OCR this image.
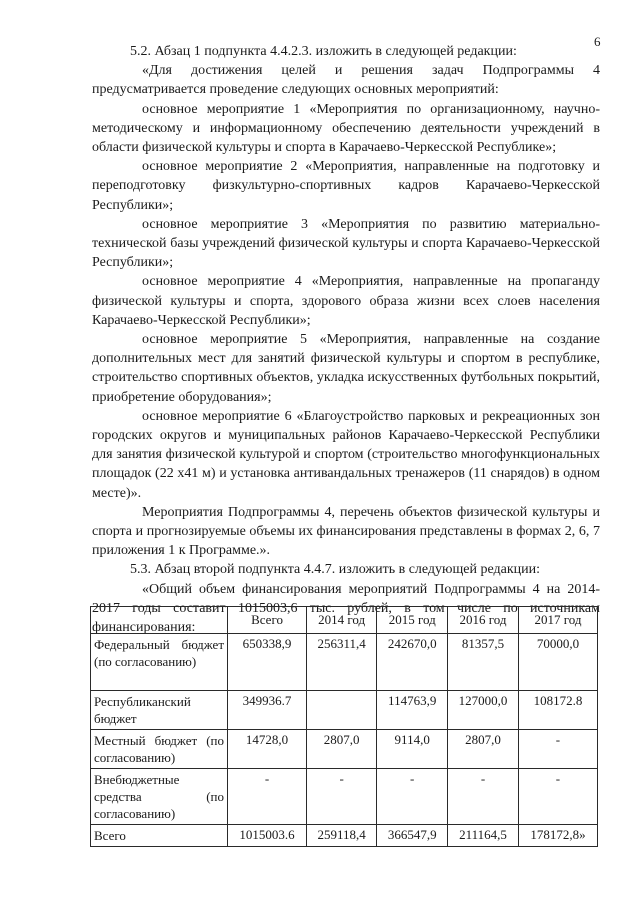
6

5.2. Абзац 1 подпункта 4.4.2.3. изложить в следующей редакции:

«Для достижения целей и решения задач Подпрограммы 4 предусматривается проведение следующих основных мероприятий:

основное мероприятие 1 «Мероприятия по организационному, научно-методическому и информационному обеспечению деятельности учреждений в области физической культуры и спорта в Карачаево-Черкесской Республике»;

основное мероприятие 2 «Мероприятия, направленные на подготовку и переподготовку физкультурно-спортивных кадров Карачаево-Черкесской Республики»;

основное мероприятие 3 «Мероприятия по развитию материально-технической базы учреждений физической культуры и спорта Карачаево-Черкесской Республики»;

основное мероприятие 4 «Мероприятия, направленные на пропаганду физической культуры и спорта, здорового образа жизни всех слоев населения Карачаево-Черкесской Республики»;

основное мероприятие 5 «Мероприятия, направленные на создание дополнительных мест для занятий физической культуры и спортом в республике, строительство спортивных объектов, укладка искусственных футбольных покрытий, приобретение оборудования»;

основное мероприятие 6 «Благоустройство парковых и рекреационных зон городских округов и муниципальных районов Карачаево-Черкесской Республики для занятия физической культурой и спортом (строительство многофункциональных площадок (22 х41 м) и установка антивандальных тренажеров (11 снарядов) в одном месте)».

Мероприятия Подпрограммы 4, перечень объектов физической культуры и спорта и прогнозируемые объемы их финансирования представлены в формах 2, 6, 7 приложения 1 к Программе.».

5.3. Абзац второй подпункта 4.4.7. изложить в следующей редакции:

«Общий объем финансирования мероприятий Подпрограммы 4 на 2014-2017 годы составит 1015003,6 тыс. рублей, в том числе по источникам финансирования:

	Всего	2014 год	2015 год	2016 год	2017 год
Федеральный бюджет (по согласованию)	650338,9	256311,4	242670,0	81357,5	70000,0
Республиканский бюджет	349936.7		114763,9	127000,0	108172.8
Местный бюджет (по согласованию)	14728,0	2807,0	9114,0	2807,0	-
Внебюджетные средства (по согласованию)	-	-	-	-	-
Всего	1015003.6	259118,4	366547,9	211164,5	178172,8»
